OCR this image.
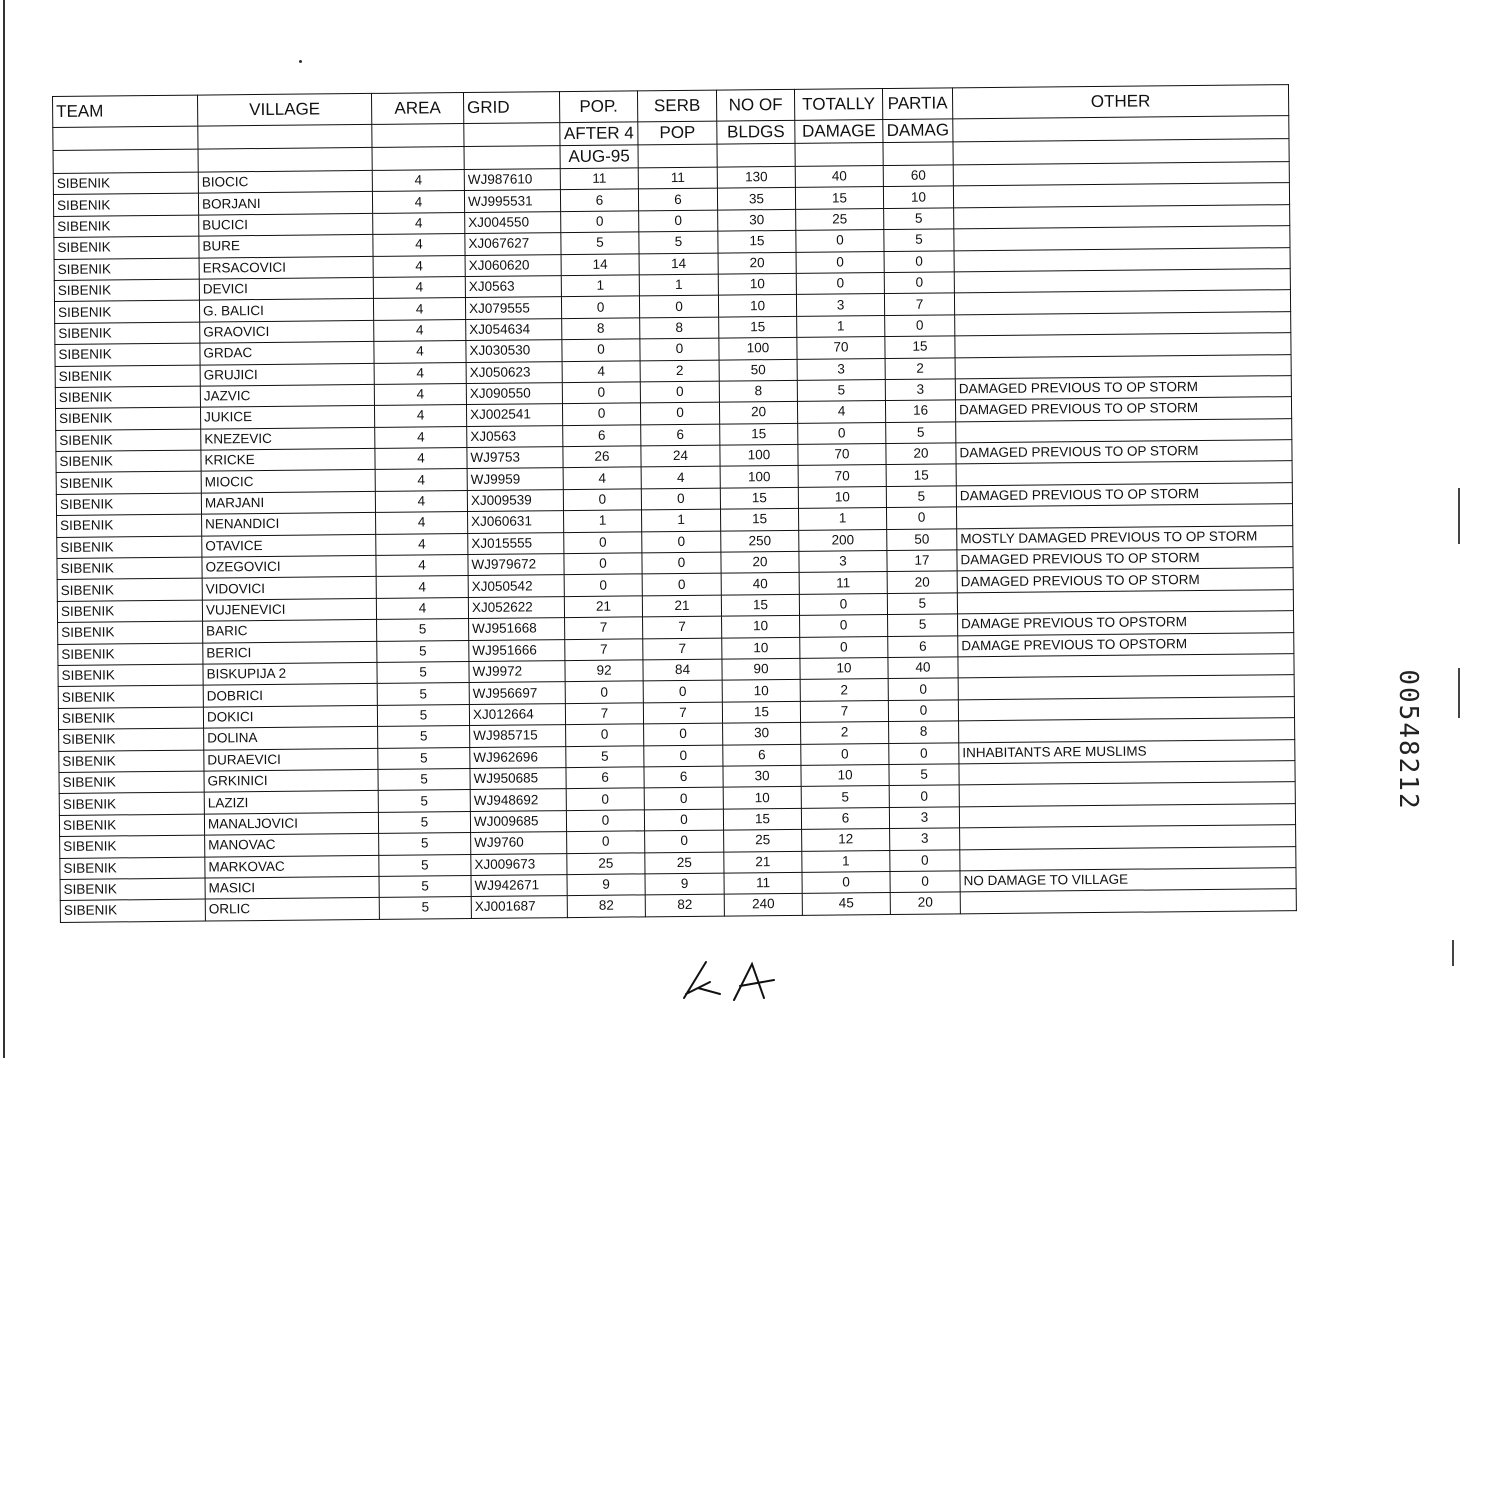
TEAM	VILLAGE	AREA	GRID	POP.	SERB	NO OF	TOTALLY	PARTIA	OTHER
				AFTER 4	POP	BLDGS	DAMAGE	DAMAG	
				AUG-95					
SIBENIK	BIOCIC	4	WJ987610	11	11	130	40	60	
SIBENIK	BORJANI	4	WJ995531	6	6	35	15	10	
SIBENIK	BUCICI	4	XJ004550	0	0	30	25	5	
SIBENIK	BURE	4	XJ067627	5	5	15	0	5	
SIBENIK	ERSACOVICI	4	XJ060620	14	14	20	0	0	
SIBENIK	DEVICI	4	XJ0563	1	1	10	0	0	
SIBENIK	G. BALICI	4	XJ079555	0	0	10	3	7	
SIBENIK	GRAOVICI	4	XJ054634	8	8	15	1	0	
SIBENIK	GRDAC	4	XJ030530	0	0	100	70	15	
SIBENIK	GRUJICI	4	XJ050623	4	2	50	3	2	
SIBENIK	JAZVIC	4	XJ090550	0	0	8	5	3	DAMAGED PREVIOUS TO OP STORM
SIBENIK	JUKICE	4	XJ002541	0	0	20	4	16	DAMAGED PREVIOUS TO OP STORM
SIBENIK	KNEZEVIC	4	XJ0563	6	6	15	0	5	
SIBENIK	KRICKE	4	WJ9753	26	24	100	70	20	DAMAGED PREVIOUS TO OP STORM
SIBENIK	MIOCIC	4	WJ9959	4	4	100	70	15	
SIBENIK	MARJANI	4	XJ009539	0	0	15	10	5	DAMAGED PREVIOUS TO OP STORM
SIBENIK	NENANDICI	4	XJ060631	1	1	15	1	0	
SIBENIK	OTAVICE	4	XJ015555	0	0	250	200	50	MOSTLY DAMAGED PREVIOUS TO OP STORM
SIBENIK	OZEGOVICI	4	WJ979672	0	0	20	3	17	DAMAGED PREVIOUS TO OP STORM
SIBENIK	VIDOVICI	4	XJ050542	0	0	40	11	20	DAMAGED PREVIOUS TO OP STORM
SIBENIK	VUJENEVICI	4	XJ052622	21	21	15	0	5	
SIBENIK	BARIC	5	WJ951668	7	7	10	0	5	DAMAGE PREVIOUS TO OPSTORM
SIBENIK	BERICI	5	WJ951666	7	7	10	0	6	DAMAGE PREVIOUS TO OPSTORM
SIBENIK	BISKUPIJA 2	5	WJ9972	92	84	90	10	40	
SIBENIK	DOBRICI	5	WJ956697	0	0	10	2	0	
SIBENIK	DOKICI	5	XJ012664	7	7	15	7	0	
SIBENIK	DOLINA	5	WJ985715	0	0	30	2	8	
SIBENIK	DURAEVICI	5	WJ962696	5	0	6	0	0	INHABITANTS ARE MUSLIMS
SIBENIK	GRKINICI	5	WJ950685	6	6	30	10	5	
SIBENIK	LAZIZI	5	WJ948692	0	0	10	5	0	
SIBENIK	MANALJOVICI	5	WJ009685	0	0	15	6	3	
SIBENIK	MANOVAC	5	WJ9760	0	0	25	12	3	
SIBENIK	MARKOVAC	5	XJ009673	25	25	21	1	0	
SIBENIK	MASICI	5	WJ942671	9	9	11	0	0	NO DAMAGE TO VILLAGE
SIBENIK	ORLIC	5	XJ001687	82	82	240	45	20	
00548212
